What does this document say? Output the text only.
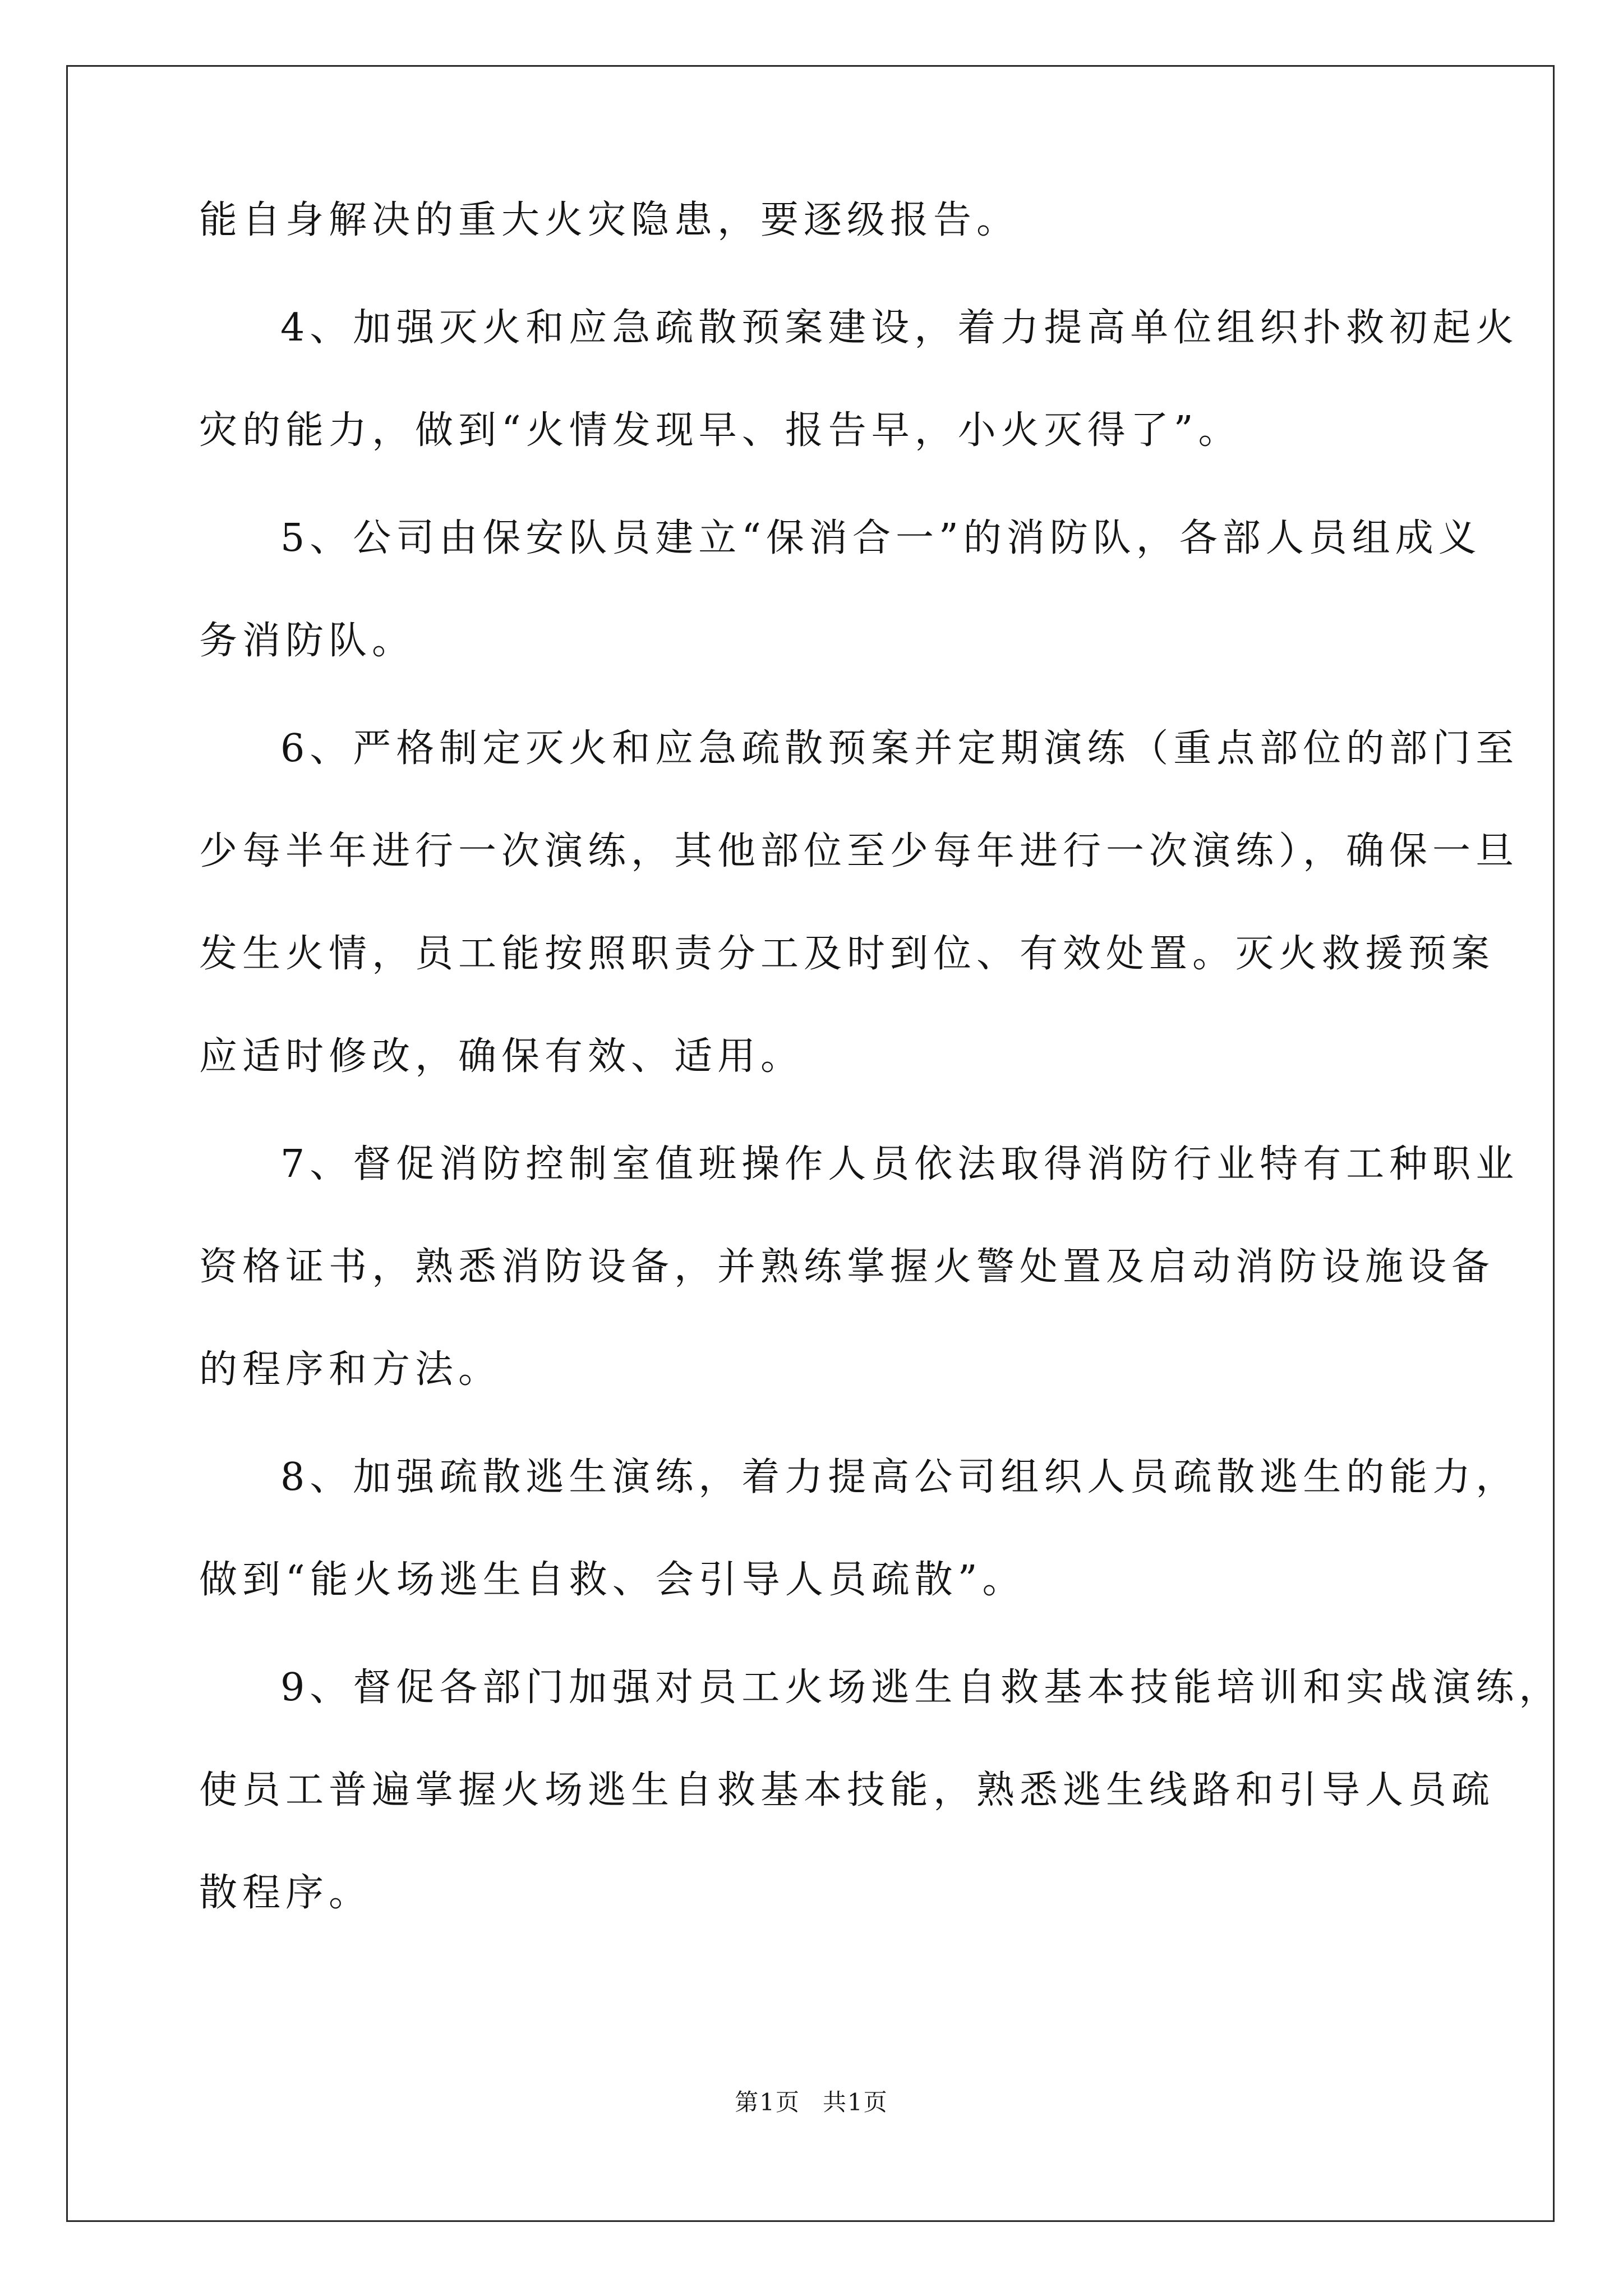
能自身解决的重大火灾隐患，要逐级报告。
4、加强灭火和应急疏散预案建设，着力提高单位组织扑救初起火
灾的能力，做到“火情发现早、报告早，小火灭得了”。
5、公司由保安队员建立“保消合一”的消防队，各部人员组成义
务消防队。
6、严格制定灭火和应急疏散预案并定期演练（重点部位的部门至
少每半年进行一次演练，其他部位至少每年进行一次演练），确保一旦
发生火情，员工能按照职责分工及时到位、有效处置。灭火救援预案
应适时修改，确保有效、适用。
7、督促消防控制室值班操作人员依法取得消防行业特有工种职业
资格证书，熟悉消防设备，并熟练掌握火警处置及启动消防设施设备
的程序和方法。
8、加强疏散逃生演练，着力提高公司组织人员疏散逃生的能力，
做到“能火场逃生自救、会引导人员疏散”。
9、督促各部门加强对员工火场逃生自救基本技能培训和实战演练，
使员工普遍掌握火场逃生自救基本技能，熟悉逃生线路和引导人员疏
散程序。
第1页 共1页
